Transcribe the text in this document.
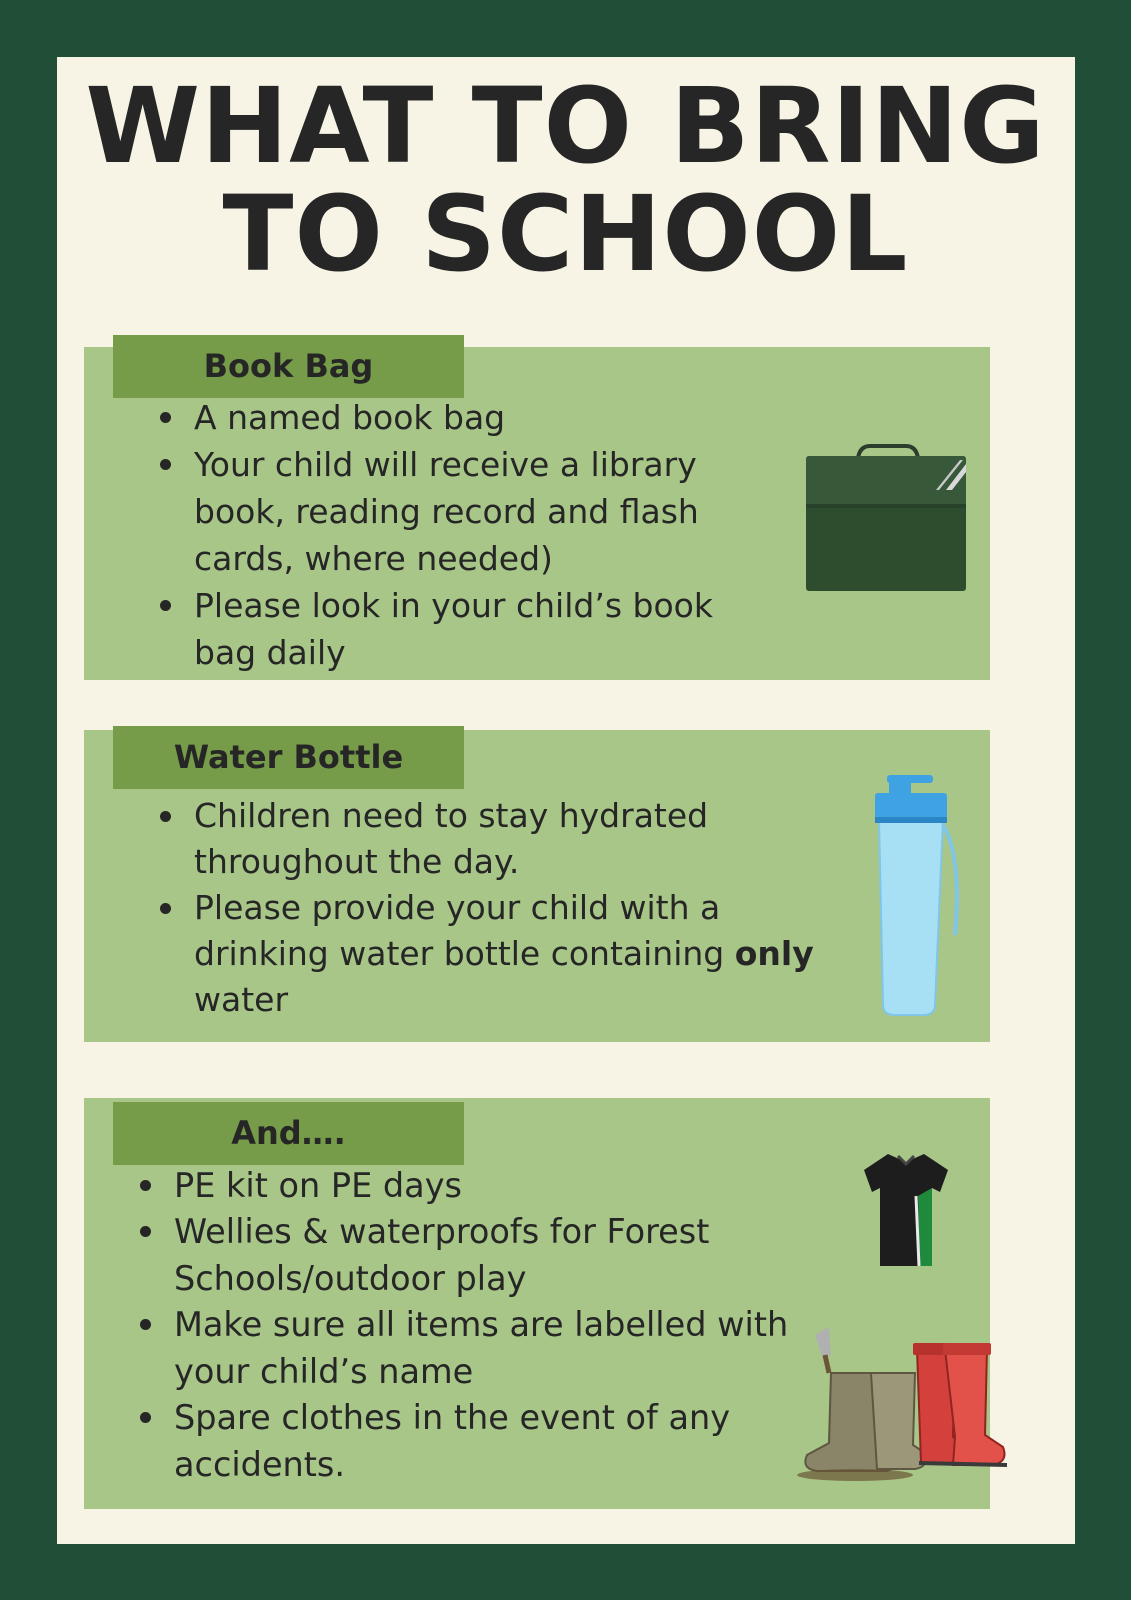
WHAT TO BRING
TO SCHOOL
Book Bag
A named book bag
Your child will receive a library book, reading record and flash cards, where needed)
Please look in your child’s book bag daily
Water Bottle
Children need to stay hydrated throughout the day.
Please provide your child with a drinking water bottle containing only water
And….
PE kit on PE days
Wellies & waterproofs for Forest Schools/outdoor play
Make sure all items are labelled with your child’s name
Spare clothes in the event of any accidents.
